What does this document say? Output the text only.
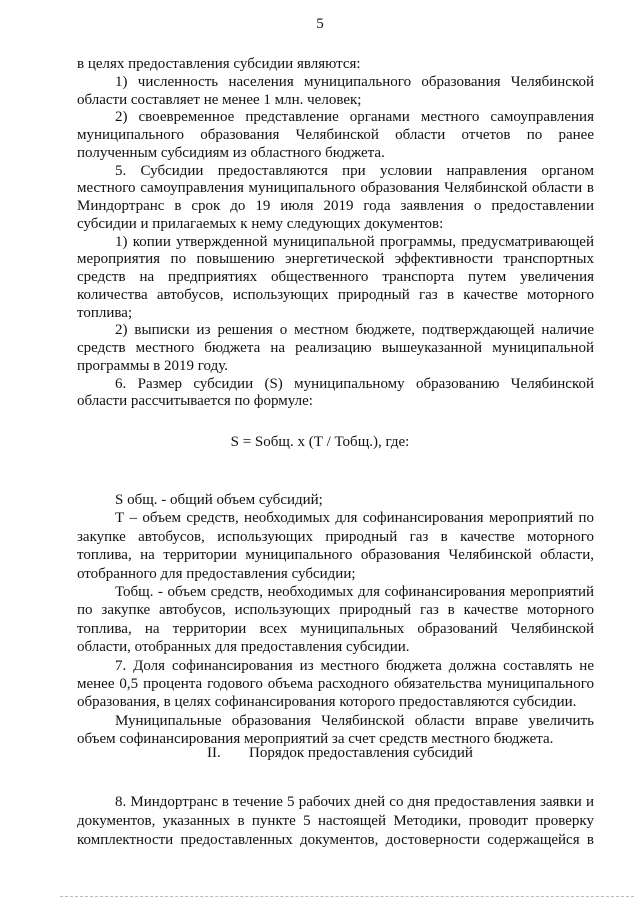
5
в целях предоставления субсидии являются:
1) численность населения муниципального образования Челябинской
области составляет не менее 1 млн. человек;
2) своевременное представление органами местного самоуправления
муниципального образования Челябинской области отчетов по ранее
полученным субсидиям из областного бюджета.
5. Субсидии предоставляются при условии направления органом
местного самоуправления муниципального образования Челябинской области в
Миндортранс в срок до 19 июля 2019 года заявления о предоставлении
субсидии и прилагаемых к нему следующих документов:
1) копии утвержденной муниципальной программы, предусматривающей
мероприятия по повышению энергетической эффективности транспортных
средств на предприятиях общественного транспорта путем увеличения
количества автобусов, использующих природный газ в качестве моторного
топлива;
2) выписки из решения о местном бюджете, подтверждающей наличие
средств местного бюджета на реализацию вышеуказанной муниципальной
программы в 2019 году.
6. Размер субсидии (S) муниципальному образованию Челябинской
области рассчитывается по формуле:
S = Sобщ. х (Т / Тобщ.), где:
S общ. - общий объем субсидий;
Т – объем средств, необходимых для софинансирования мероприятий по
закупке автобусов, использующих природный газ в качестве моторного
топлива, на территории муниципального образования Челябинской области,
отобранного для предоставления субсидии;
Тобщ. - объем средств, необходимых для софинансирования мероприятий
по закупке автобусов, использующих природный газ в качестве моторного
топлива, на территории всех муниципальных образований Челябинской
области, отобранных для предоставления субсидии.
7. Доля софинансирования из местного бюджета должна составлять не
менее 0,5 процента годового объема расходного обязательства муниципального
образования, в целях софинансирования которого предоставляются субсидии.
Муниципальные образования Челябинской области вправе увеличить
объем софинансирования мероприятий за счет средств местного бюджета.
II. Порядок предоставления субсидий
8. Миндортранс в течение 5 рабочих дней со дня предоставления заявки и
документов, указанных в пункте 5 настоящей Методики, проводит проверку
комплектности предоставленных документов, достоверности содержащейся в
